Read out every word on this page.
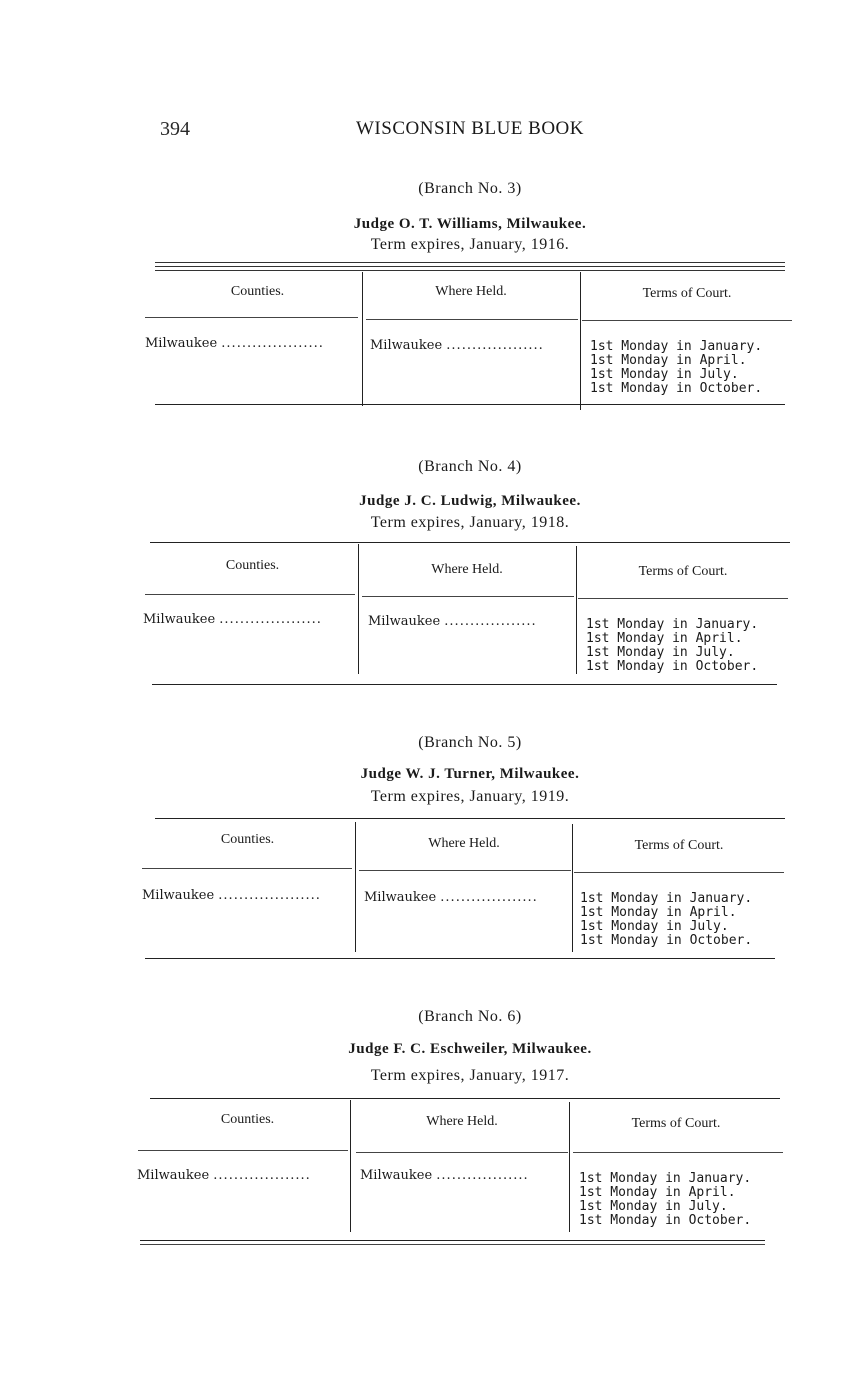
394	WISCONSIN BLUE BOOK
(Branch No. 3)
Judge O. T. Williams, Milwaukee.
Term expires, January, 1916.
Counties.	Where Held.	Terms of Court.
Milwaukee ....................	Milwaukee ...................	1st Monday in January.
1st Monday in April.
1st Monday in July.
1st Monday in October.
(Branch No. 4)
Judge J. C. Ludwig, Milwaukee.
Term expires, January, 1918.
Counties.	Where Held.	Terms of Court.
Milwaukee ....................	Milwaukee ..................	1st Monday in January.
1st Monday in April.
1st Monday in July.
1st Monday in October.
(Branch No. 5)
Judge W. J. Turner, Milwaukee.
Term expires, January, 1919.
Counties.	Where Held.	Terms of Court.
Milwaukee ....................	Milwaukee ...................	1st Monday in January.
1st Monday in April.
1st Monday in July.
1st Monday in October.
(Branch No. 6)
Judge F. C. Eschweiler, Milwaukee.
Term expires, January, 1917.
Counties.	Where Held.	Terms of Court.
Milwaukee ...................	Milwaukee ..................	1st Monday in January.
1st Monday in April.
1st Monday in July.
1st Monday in October.
